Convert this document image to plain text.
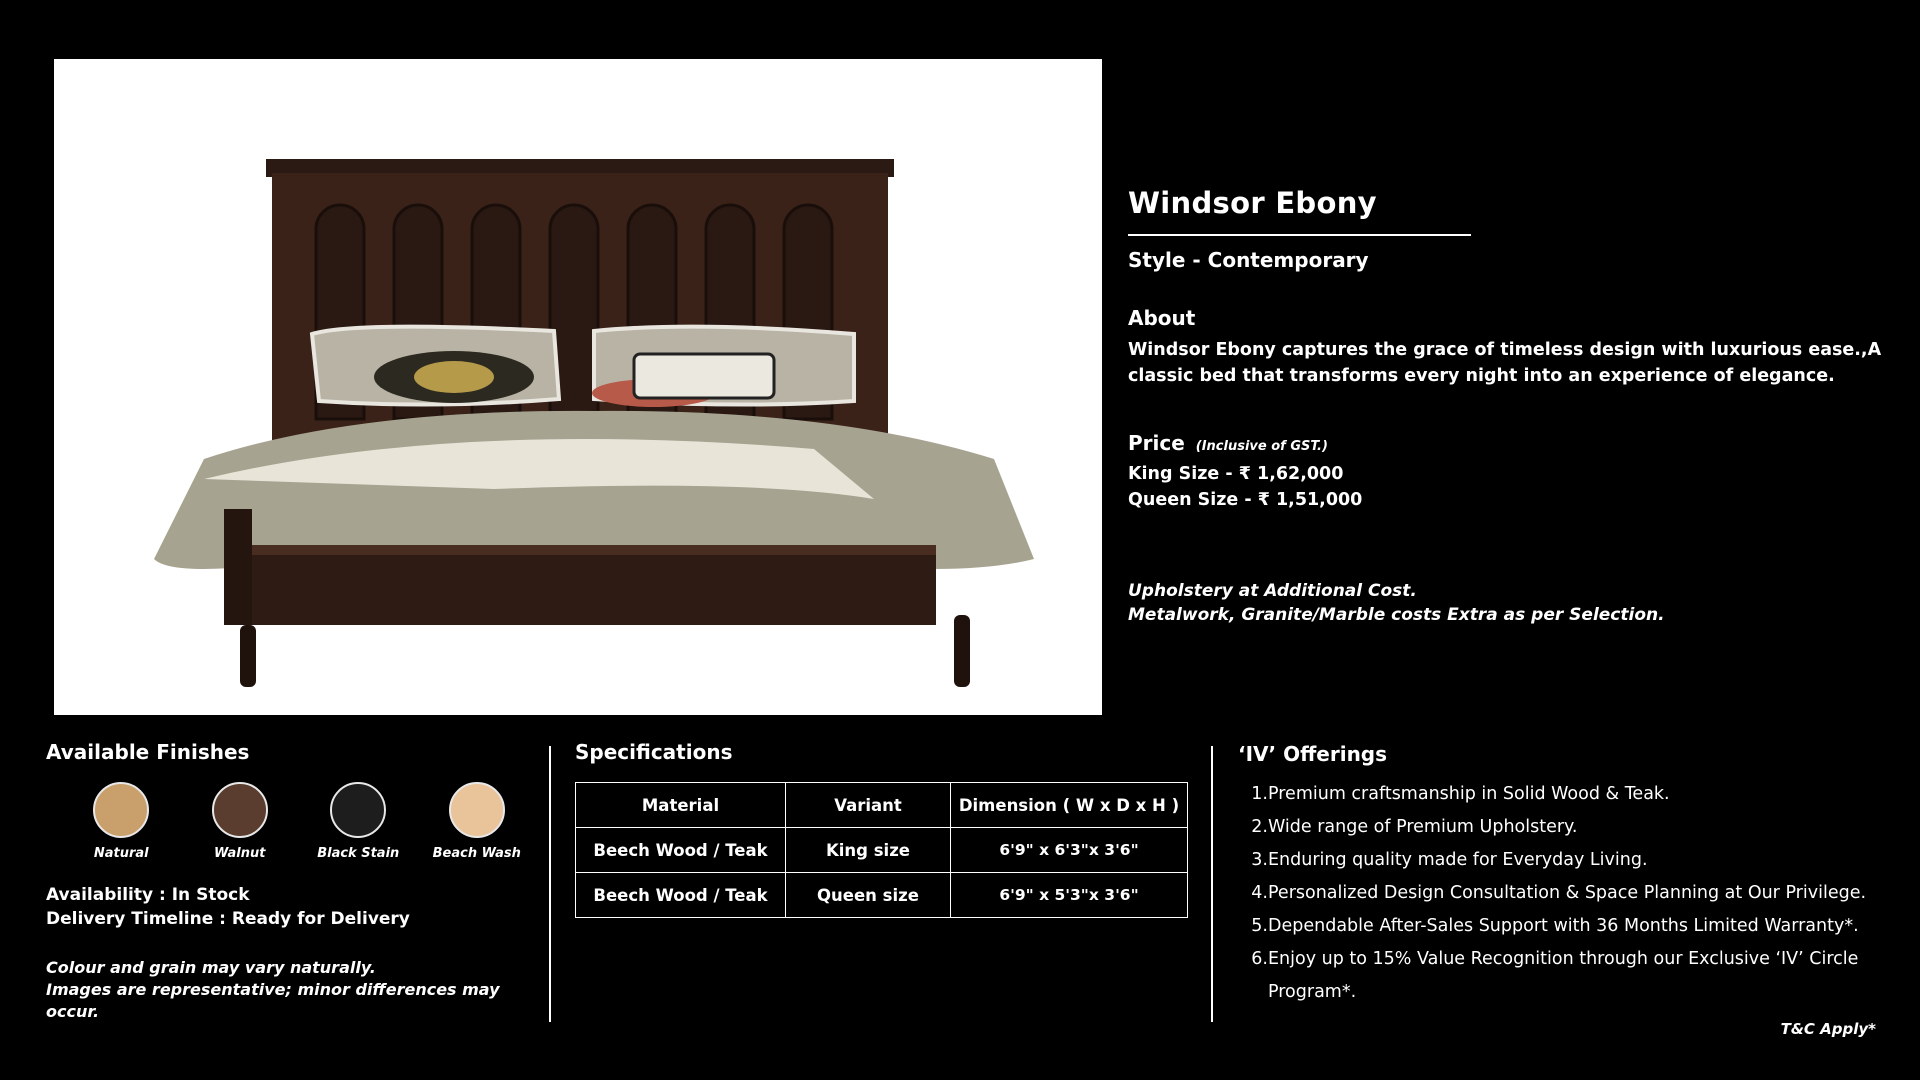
Windsor Ebony
Style - Contemporary
About
Windsor Ebony captures the grace of timeless design with luxurious ease.,A classic bed that transforms every night into an experience of elegance.
Price (Inclusive of GST.)
King Size - ₹ 1,62,000
Queen Size - ₹ 1,51,000
Upholstery at Additional Cost.
Metalwork, Granite/Marble costs Extra as per Selection.
Available Finishes
Natural	Walnut	Black Stain	Beach Wash
Availability : In Stock
Delivery Timeline : Ready for Delivery
Colour and grain may vary naturally.
Images are representative; minor differences may occur.
Specifications
Material	Variant	Dimension ( W x D x H )
Beech Wood / Teak	King size	6'9" x 6'3"x 3'6"
Beech Wood / Teak	Queen size	6'9" x 5'3"x 3'6"
‘IV’ Offerings
1. Premium craftsmanship in Solid Wood & Teak.
2. Wide range of Premium Upholstery.
3. Enduring quality made for Everyday Living.
4. Personalized Design Consultation & Space Planning at Our Privilege.
5. Dependable After-Sales Support with 36 Months Limited Warranty*.
6. Enjoy up to 15% Value Recognition through our Exclusive ‘IV’ Circle Program*.
T&C Apply*
